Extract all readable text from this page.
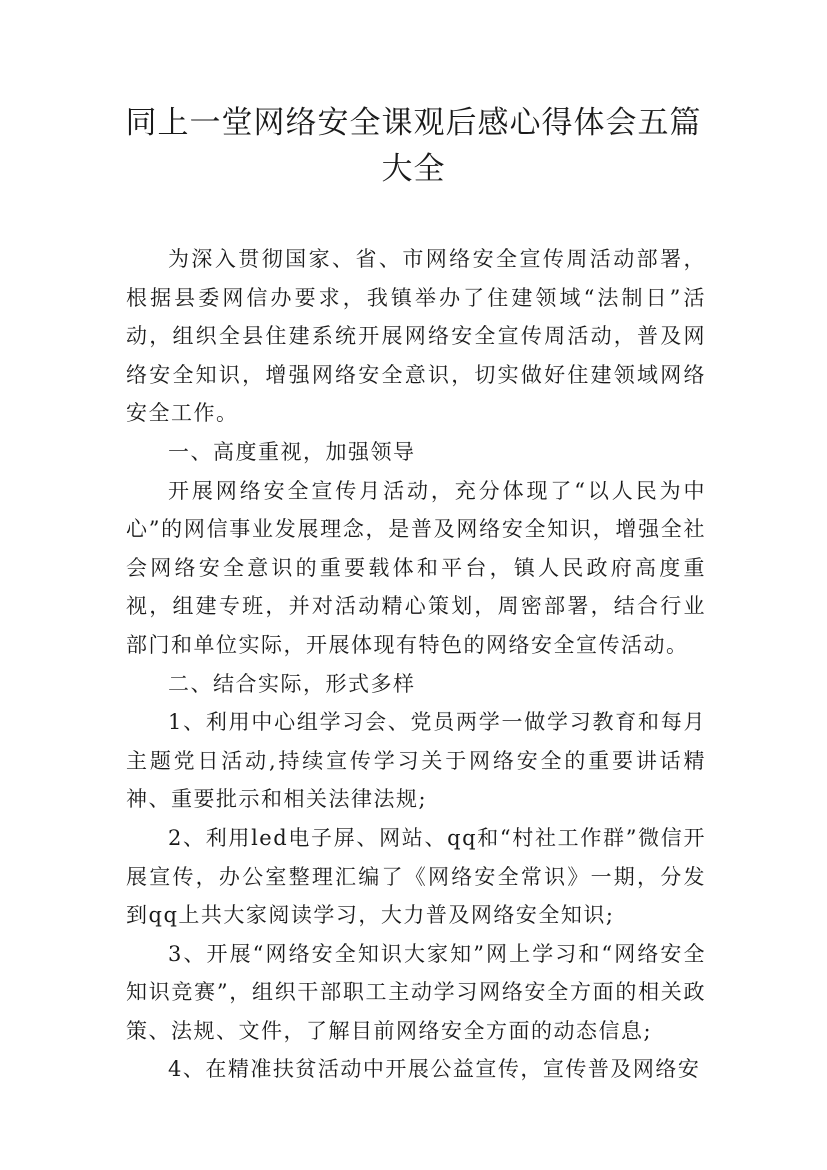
同上一堂网络安全课观后感心得体会五篇
大全

为深入贯彻国家、省、市网络安全宣传周活动部署，根据县委网信办要求，我镇举办了住建领域“法制日”活动，组织全县住建系统开展网络安全宣传周活动，普及网络安全知识，增强网络安全意识，切实做好住建领域网络安全工作。

一、高度重视，加强领导

开展网络安全宣传月活动，充分体现了“以人民为中心”的网信事业发展理念，是普及网络安全知识，增强全社会网络安全意识的重要载体和平台，镇人民政府高度重视，组建专班，并对活动精心策划，周密部署，结合行业部门和单位实际，开展体现有特色的网络安全宣传活动。

二、结合实际，形式多样

1、利用中心组学习会、党员两学一做学习教育和每月主题党日活动,持续宣传学习关于网络安全的重要讲话精神、重要批示和相关法律法规;

2、利用led电子屏、网站、qq和“村社工作群”微信开展宣传，办公室整理汇编了《网络安全常识》一期，分发到qq上共大家阅读学习，大力普及网络安全知识;

3、开展“网络安全知识大家知”网上学习和“网络安全知识竞赛”，组织干部职工主动学习网络安全方面的相关政策、法规、文件，了解目前网络安全方面的动态信息;

4、在精准扶贫活动中开展公益宣传，宣传普及网络安
